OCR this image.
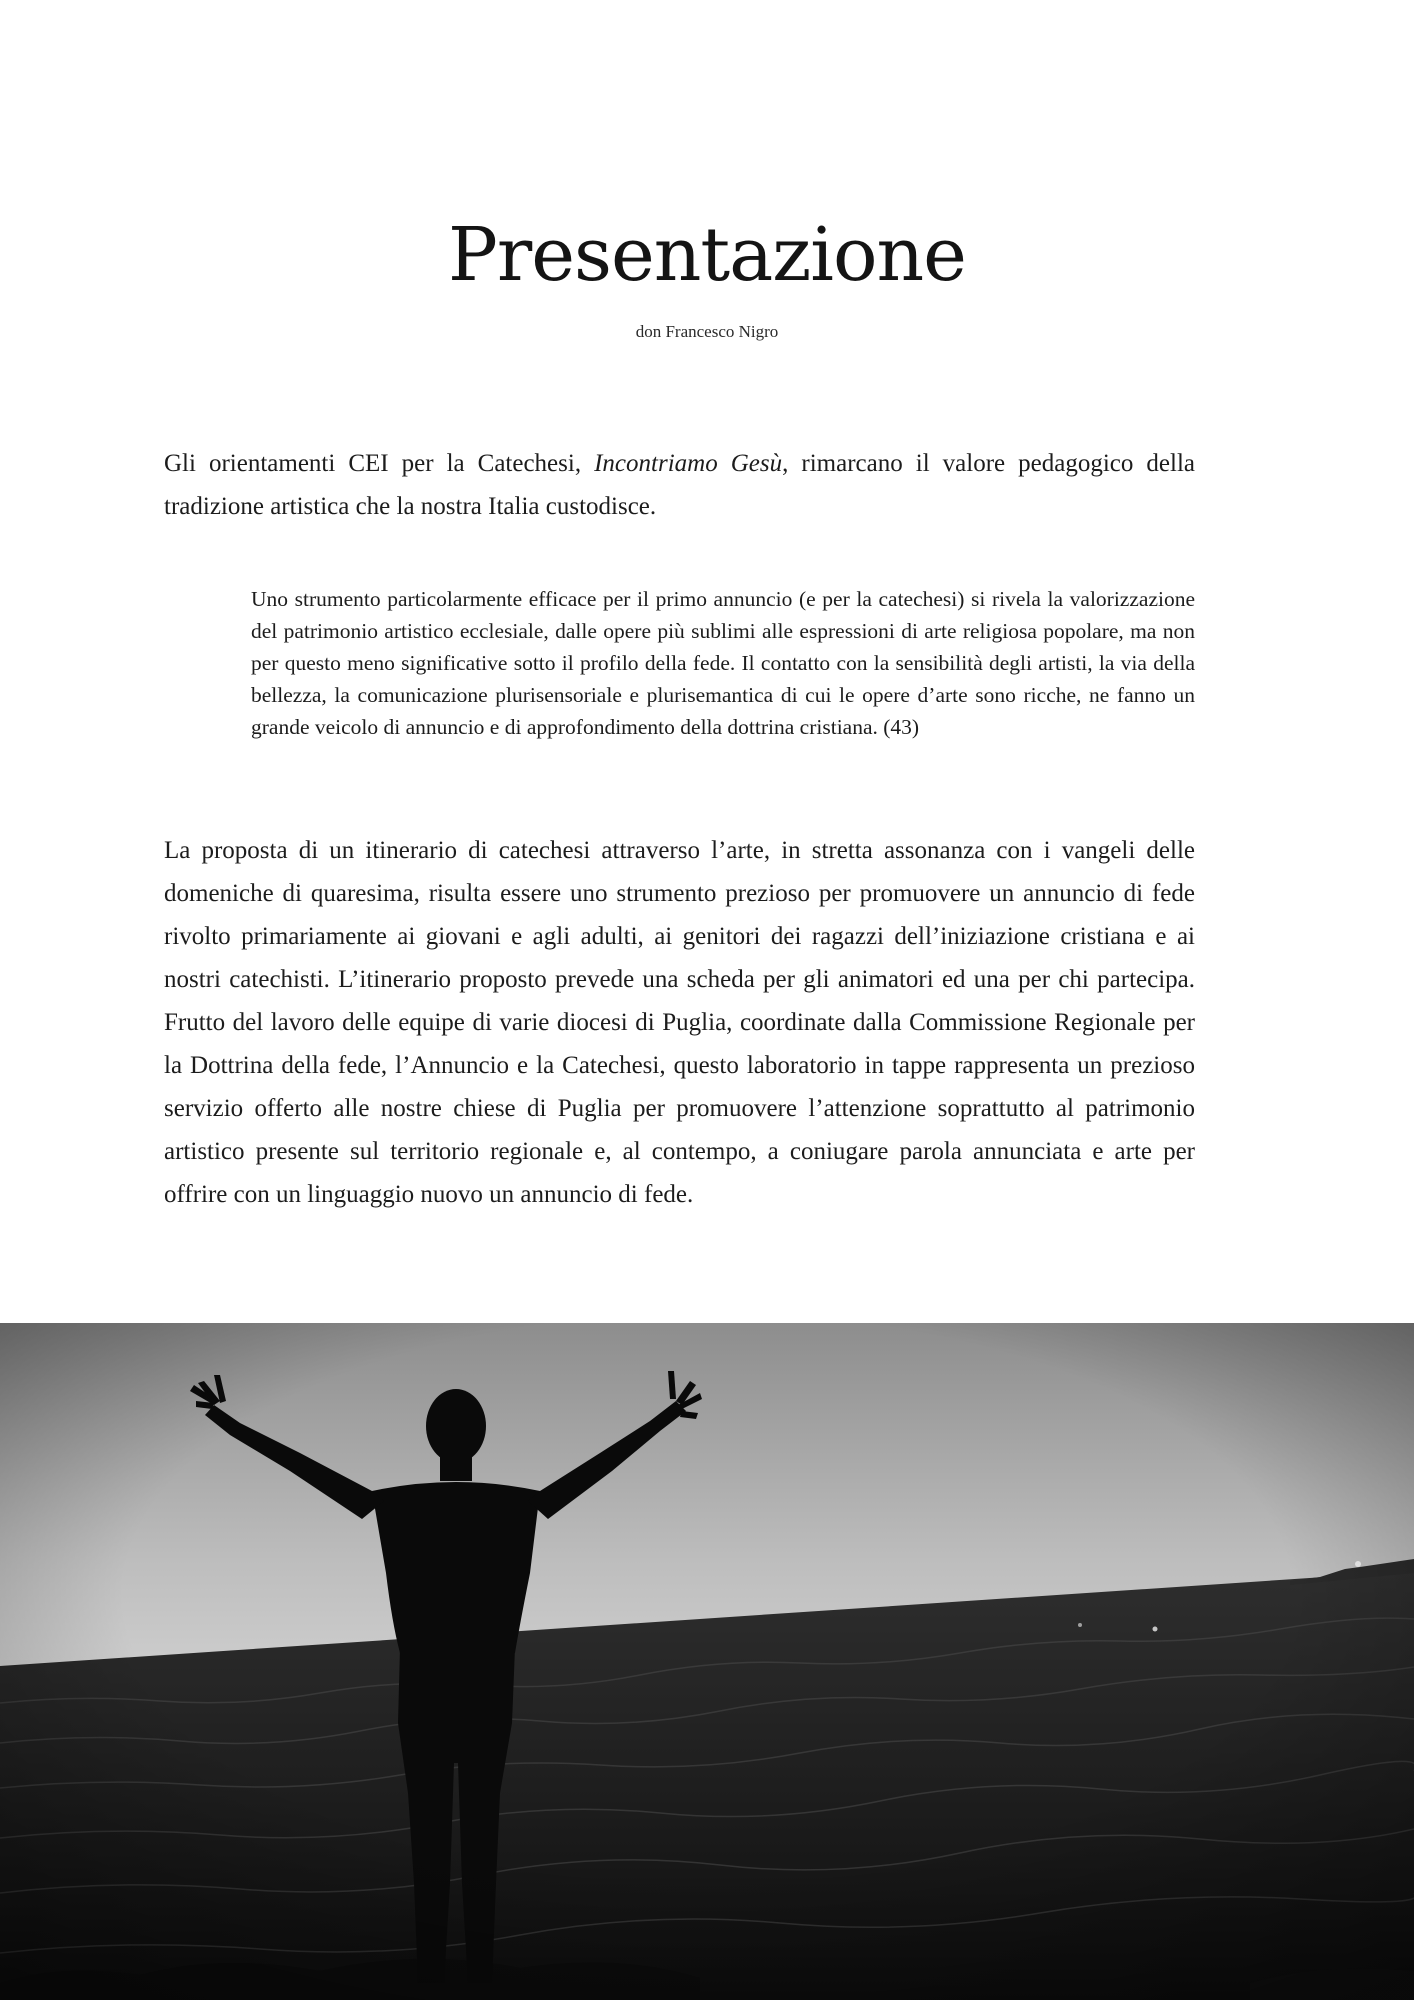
Presentazione
don Francesco Nigro

Gli orientamenti CEI per la Catechesi, Incontriamo Gesù, rimarcano il valore pedagogico della tradizione artistica che la nostra Italia custodisce.

Uno strumento particolarmente efficace per il primo annuncio (e per la catechesi) si rivela la valorizzazione del patrimonio artistico ecclesiale, dalle opere più sublimi alle espressioni di arte religiosa popolare, ma non per questo meno significative sotto il profilo della fede. Il contatto con la sensibilità degli artisti, la via della bellezza, la comunicazione plurisensoriale e plurisemantica di cui le opere d’arte sono ricche, ne fanno un grande veicolo di annuncio e di approfondimento della dottrina cristiana. (43)

La proposta di un itinerario di catechesi attraverso l’arte, in stretta assonanza con i vangeli delle domeniche di quaresima, risulta essere uno strumento prezioso per promuovere un annuncio di fede rivolto primariamente ai giovani e agli adulti, ai genitori dei ragazzi dell’iniziazione cristiana e ai nostri catechisti. L’itinerario proposto prevede una scheda per gli animatori ed una per chi partecipa. Frutto del lavoro delle equipe di varie diocesi di Puglia, coordinate dalla Commissione Regionale per la Dottrina della fede, l’Annuncio e la Catechesi, questo laboratorio in tappe rappresenta un prezioso servizio offerto alle nostre chiese di Puglia per promuovere l’attenzione soprattutto al patrimonio artistico presente sul territorio regionale e, al contempo, a coniugare parola annunciata e arte per offrire con un linguaggio nuovo un annuncio di fede.
